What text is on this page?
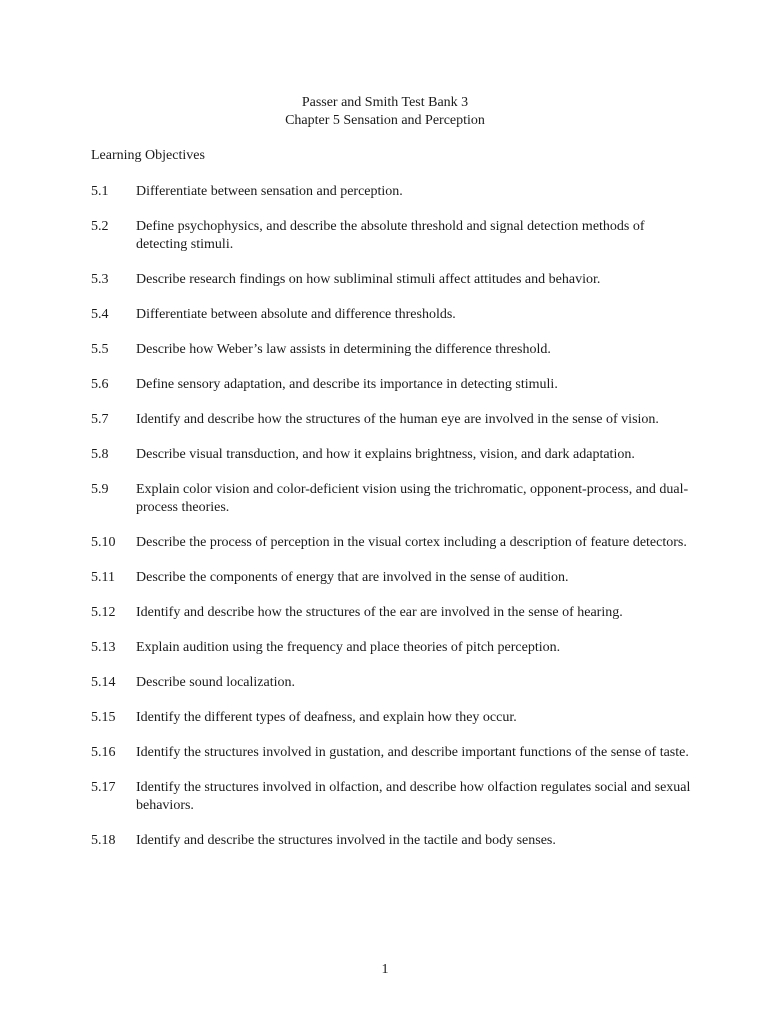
Passer and Smith Test Bank 3
Chapter 5 Sensation and Perception
Learning Objectives
5.1	Differentiate between sensation and perception.
5.2	Define psychophysics, and describe the absolute threshold and signal detection methods of detecting stimuli.
5.3	Describe research findings on how subliminal stimuli affect attitudes and behavior.
5.4	Differentiate between absolute and difference thresholds.
5.5	Describe how Weber’s law assists in determining the difference threshold.
5.6	Define sensory adaptation, and describe its importance in detecting stimuli.
5.7	Identify and describe how the structures of the human eye are involved in the sense of vision.
5.8	Describe visual transduction, and how it explains brightness, vision, and dark adaptation.
5.9	Explain color vision and color-deficient vision using the trichromatic, opponent-process, and dual-process theories.
5.10	Describe the process of perception in the visual cortex including a description of feature detectors.
5.11	Describe the components of energy that are involved in the sense of audition.
5.12	Identify and describe how the structures of the ear are involved in the sense of hearing.
5.13	Explain audition using the frequency and place theories of pitch perception.
5.14	Describe sound localization.
5.15	Identify the different types of deafness, and explain how they occur.
5.16	Identify the structures involved in gustation, and describe important functions of the sense of taste.
5.17	Identify the structures involved in olfaction, and describe how olfaction regulates social and sexual behaviors.
5.18	Identify and describe the structures involved in the tactile and body senses.
1
